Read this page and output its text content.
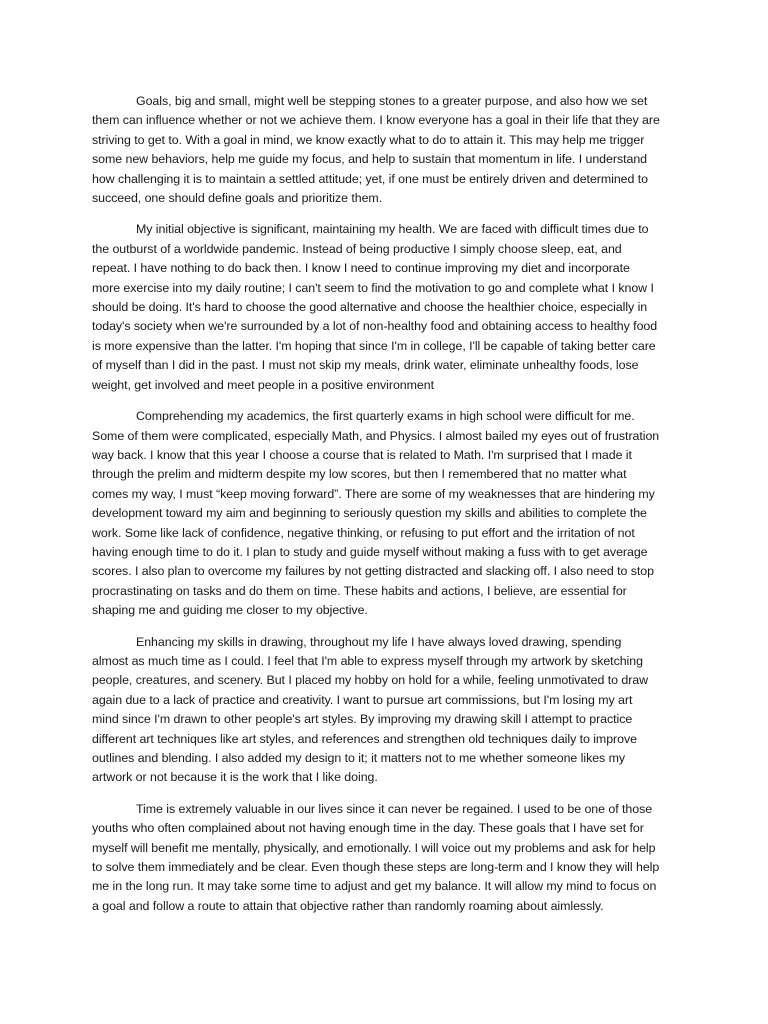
Goals, big and small, might well be stepping stones to a greater purpose, and also how we set them can influence whether or not we achieve them. I know everyone has a goal in their life that they are striving to get to. With a goal in mind, we know exactly what to do to attain it. This may help me trigger some new behaviors, help me guide my focus, and help to sustain that momentum in life. I understand how challenging it is to maintain a settled attitude; yet, if one must be entirely driven and determined to succeed, one should define goals and prioritize them.

My initial objective is significant, maintaining my health. We are faced with difficult times due to the outburst of a worldwide pandemic. Instead of being productive I simply choose sleep, eat, and repeat. I have nothing to do back then. I know I need to continue improving my diet and incorporate more exercise into my daily routine; I can't seem to find the motivation to go and complete what I know I should be doing. It's hard to choose the good alternative and choose the healthier choice, especially in today's society when we're surrounded by a lot of non-healthy food and obtaining access to healthy food is more expensive than the latter. I'm hoping that since I'm in college, I'll be capable of taking better care of myself than I did in the past. I must not skip my meals, drink water, eliminate unhealthy foods, lose weight, get involved and meet people in a positive environment

Comprehending my academics, the first quarterly exams in high school were difficult for me. Some of them were complicated, especially Math, and Physics. I almost bailed my eyes out of frustration way back. I know that this year I choose a course that is related to Math. I'm surprised that I made it through the prelim and midterm despite my low scores, but then I remembered that no matter what comes my way, I must “keep moving forward”. There are some of my weaknesses that are hindering my development toward my aim and beginning to seriously question my skills and abilities to complete the work. Some like lack of confidence, negative thinking, or refusing to put effort and the irritation of not having enough time to do it. I plan to study and guide myself without making a fuss with to get average scores. I also plan to overcome my failures by not getting distracted and slacking off. I also need to stop procrastinating on tasks and do them on time. These habits and actions, I believe, are essential for shaping me and guiding me closer to my objective.

Enhancing my skills in drawing, throughout my life I have always loved drawing, spending almost as much time as I could. I feel that I'm able to express myself through my artwork by sketching people, creatures, and scenery. But I placed my hobby on hold for a while, feeling unmotivated to draw again due to a lack of practice and creativity. I want to pursue art commissions, but I'm losing my art mind since I'm drawn to other people's art styles. By improving my drawing skill I attempt to practice different art techniques like art styles, and references and strengthen old techniques daily to improve outlines and blending. I also added my design to it; it matters not to me whether someone likes my artwork or not because it is the work that I like doing.

Time is extremely valuable in our lives since it can never be regained. I used to be one of those youths who often complained about not having enough time in the day. These goals that I have set for myself will benefit me mentally, physically, and emotionally. I will voice out my problems and ask for help to solve them immediately and be clear. Even though these steps are long-term and I know they will help me in the long run. It may take some time to adjust and get my balance. It will allow my mind to focus on a goal and follow a route to attain that objective rather than randomly roaming about aimlessly.
